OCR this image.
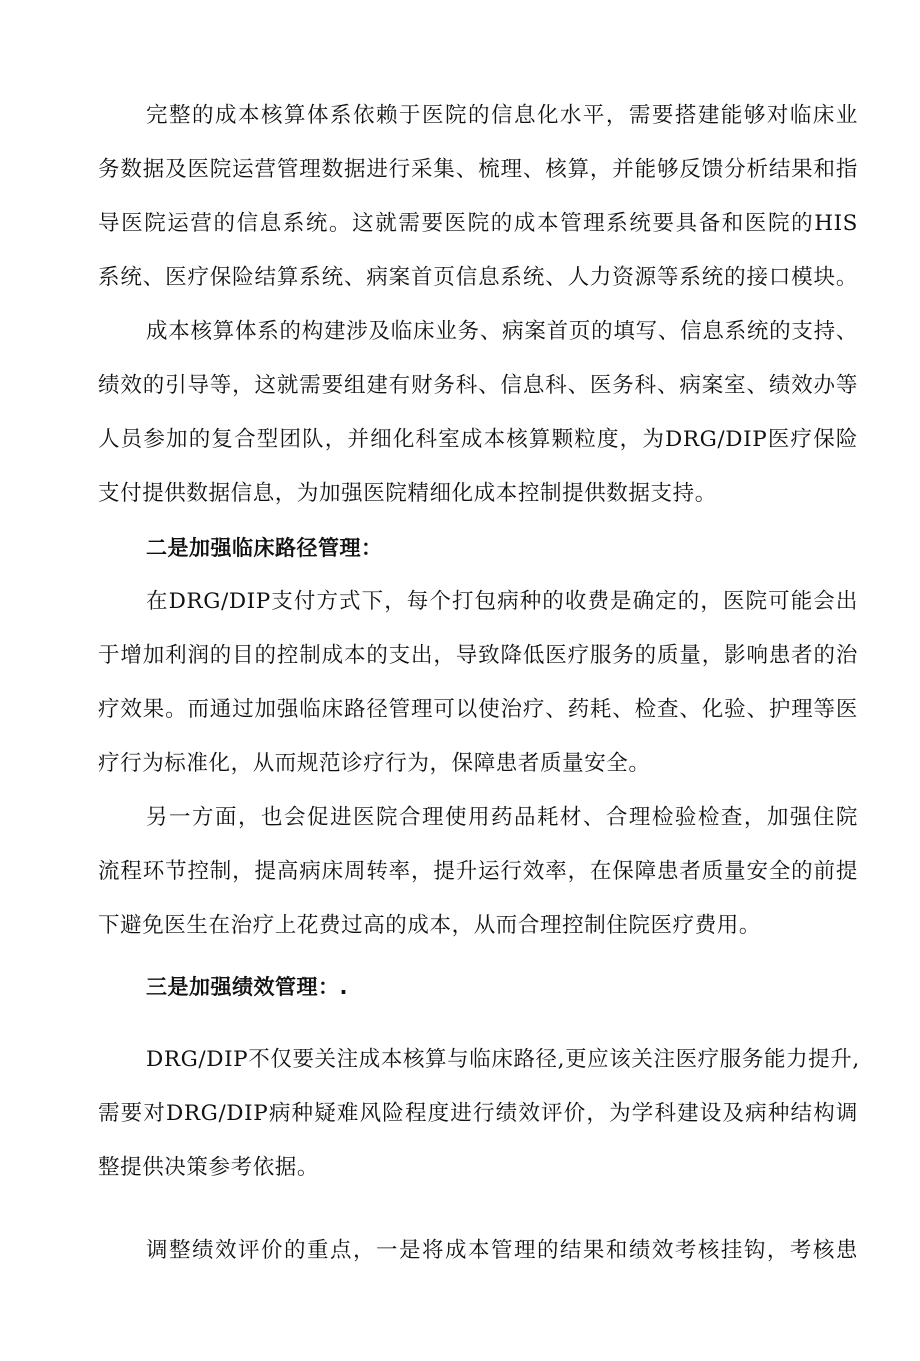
完整的成本核算体系依赖于医院的信息化水平，需要搭建能够对临床业
务数据及医院运营管理数据进行采集、梳理、核算，并能够反馈分析结果和指
导医院运营的信息系统。这就需要医院的成本管理系统要具备和医院的HIS
系统、医疗保险结算系统、病案首页信息系统、人力资源等系统的接口模块。
成本核算体系的构建涉及临床业务、病案首页的填写、信息系统的支持、
绩效的引导等，这就需要组建有财务科、信息科、医务科、病案室、绩效办等
人员参加的复合型团队，并细化科室成本核算颗粒度，为DRG/DIP医疗保险
支付提供数据信息，为加强医院精细化成本控制提供数据支持。
二是加强临床路径管理：
在DRG/DIP支付方式下，每个打包病种的收费是确定的，医院可能会出
于增加利润的目的控制成本的支出，导致降低医疗服务的质量，影响患者的治
疗效果。而通过加强临床路径管理可以使治疗、药耗、检查、化验、护理等医
疗行为标准化，从而规范诊疗行为，保障患者质量安全。
另一方面，也会促进医院合理使用药品耗材、合理检验检查，加强住院
流程环节控制，提高病床周转率，提升运行效率，在保障患者质量安全的前提
下避免医生在治疗上花费过高的成本，从而合理控制住院医疗费用。
三是加强绩效管理：.
DRG/DIP不仅要关注成本核算与临床路径,更应该关注医疗服务能力提升,
需要对DRG/DIP病种疑难风险程度进行绩效评价，为学科建设及病种结构调
整提供决策参考依据。
调整绩效评价的重点，一是将成本管理的结果和绩效考核挂钩，考核患
